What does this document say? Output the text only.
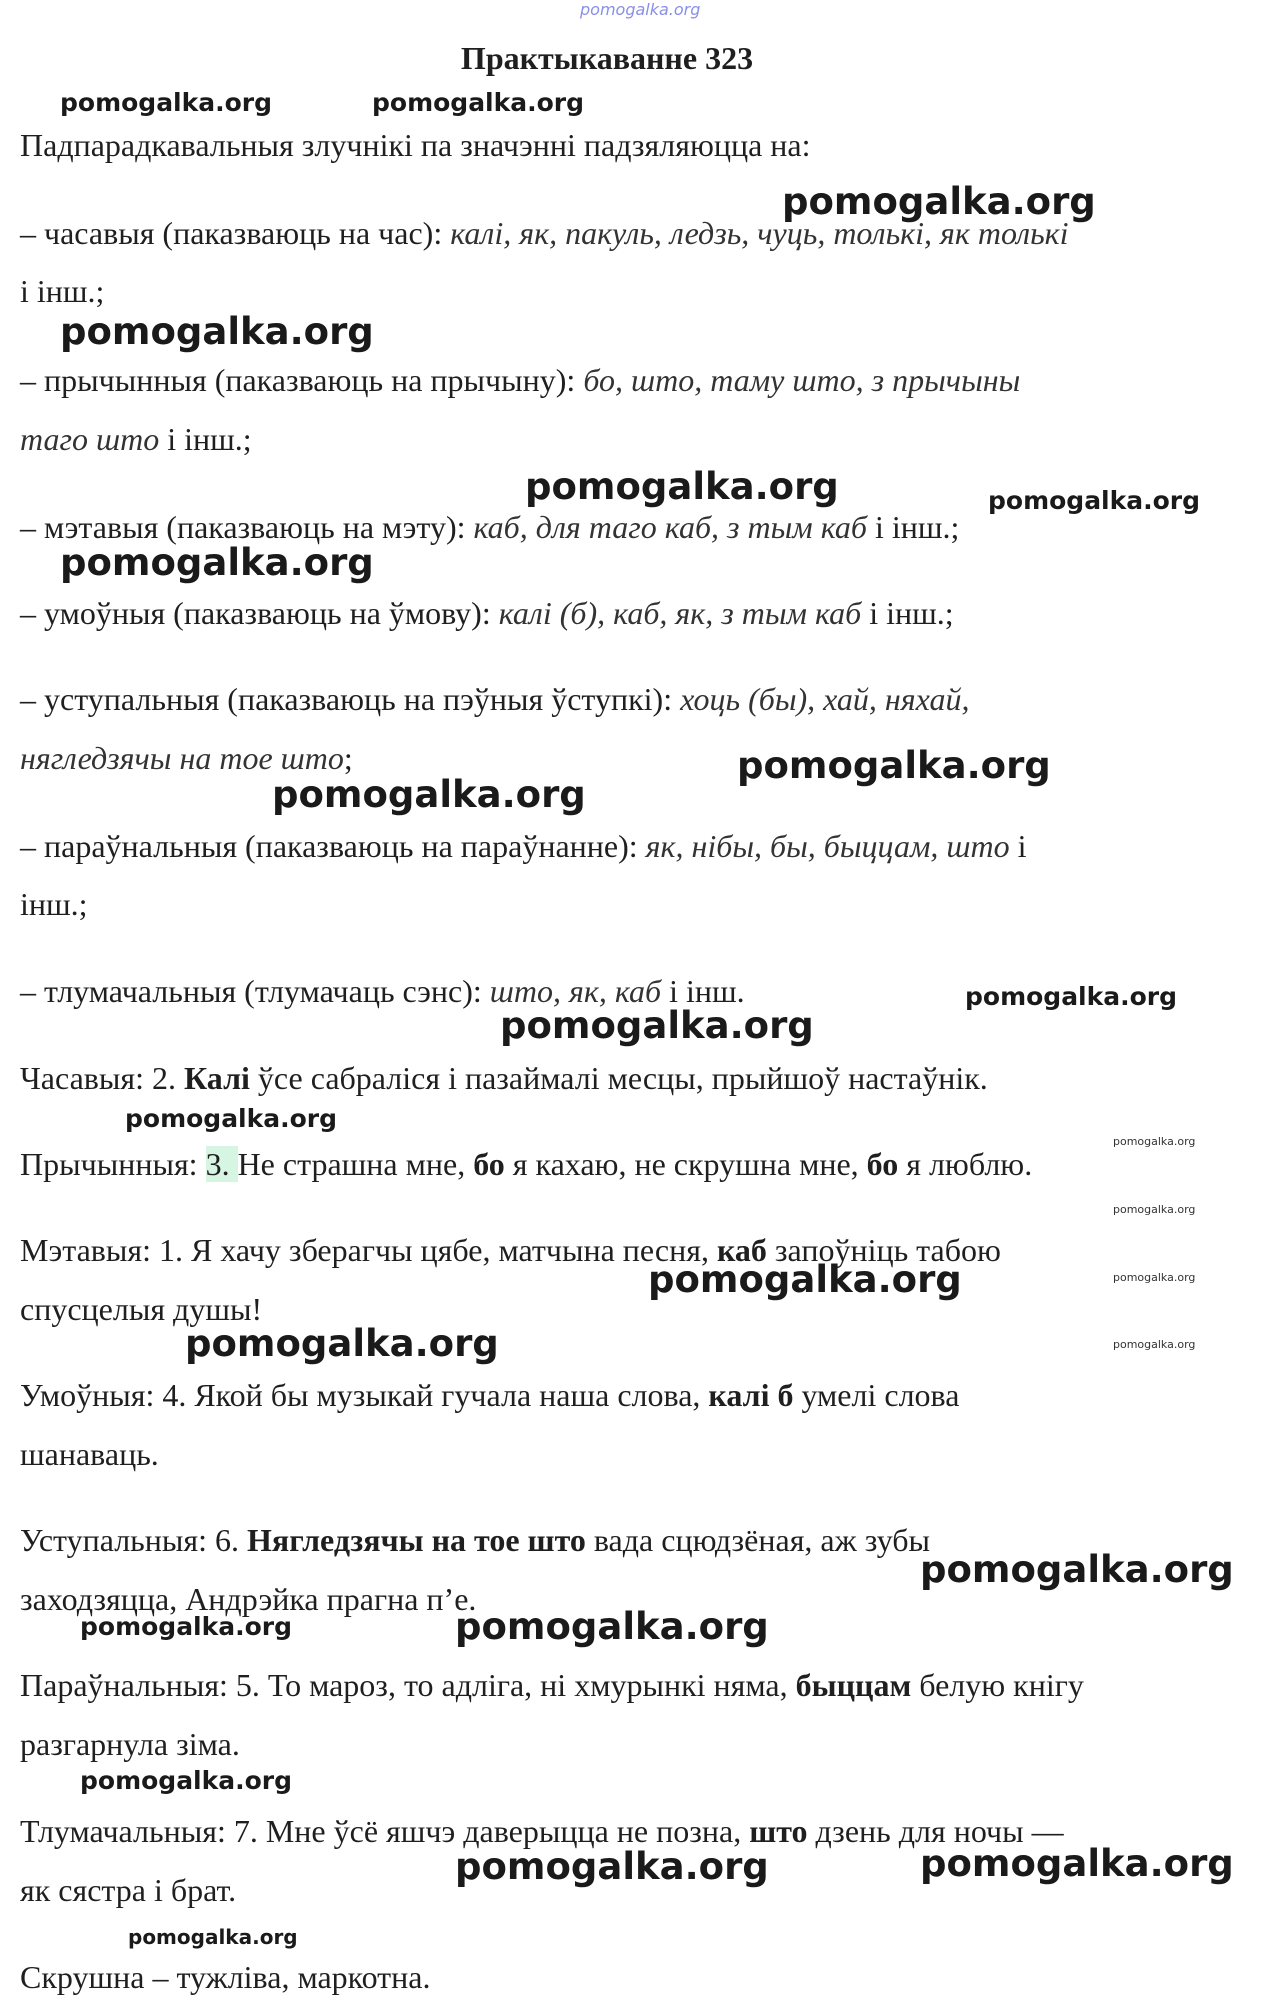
pomogalka.org
Практыкаванне 323
pomogalka.org	pomogalka.org
Падпарадкавальныя злучнікі па значэнні падзяляюцца на:
pomogalka.org
– часавыя (паказваюць на час): калі, як, пакуль, ледзь, чуць, толькі, як толькі
і інш.;
pomogalka.org
– прычынныя (паказваюць на прычыну): бо, што, таму што, з прычыны
таго што і інш.;
pomogalka.org	pomogalka.org
– мэтавыя (паказваюць на мэту): каб, для таго каб, з тым каб і інш.;
pomogalka.org
– умоўныя (паказваюць на ўмову): калі (б), каб, як, з тым каб і інш.;
– уступальныя (паказваюць на пэўныя ўступкі): хоць (бы), хай, няхай,
нягледзячы на тое што;	pomogalka.org
pomogalka.org
– параўнальныя (паказваюць на параўнанне): як, нібы, бы, быццам, што і
інш.;
– тлумачальныя (тлумачаць сэнс): што, як, каб і інш.	pomogalka.org
pomogalka.org
Часавыя: 2. Калі ўсе сабраліся і пазаймалі месцы, прыйшоў настаўнік.
pomogalka.org
pomogalka.org
Прычынныя: 3. Не страшна мне, бо я кахаю, не скрушна мне, бо я люблю.
pomogalka.org
Мэтавыя: 1. Я хачу зберагчы цябе, матчына песня, каб запоўніць табою
pomogalka.org
pomogalka.org
спусцелыя душы!
pomogalka.org	pomogalka.org
Умоўныя: 4. Якой бы музыкай гучала наша слова, калі б умелі слова
шанаваць.
Уступальныя: 6. Нягледзячы на тое што вада сцюдзёная, аж зубы
pomogalka.org
заходзяцца, Андрэйка прагна п’е.
pomogalka.org	pomogalka.org
Параўнальныя: 5. То мароз, то адліга, ні хмурынкі няма, быццам белую кнігу
разгарнула зіма.
pomogalka.org
Тлумачальныя: 7. Мне ўсё яшчэ даверыцца не позна, што дзень для ночы —
pomogalka.org	pomogalka.org
як сястра і брат.
pomogalka.org
Скрушна – тужліва, маркотна.
